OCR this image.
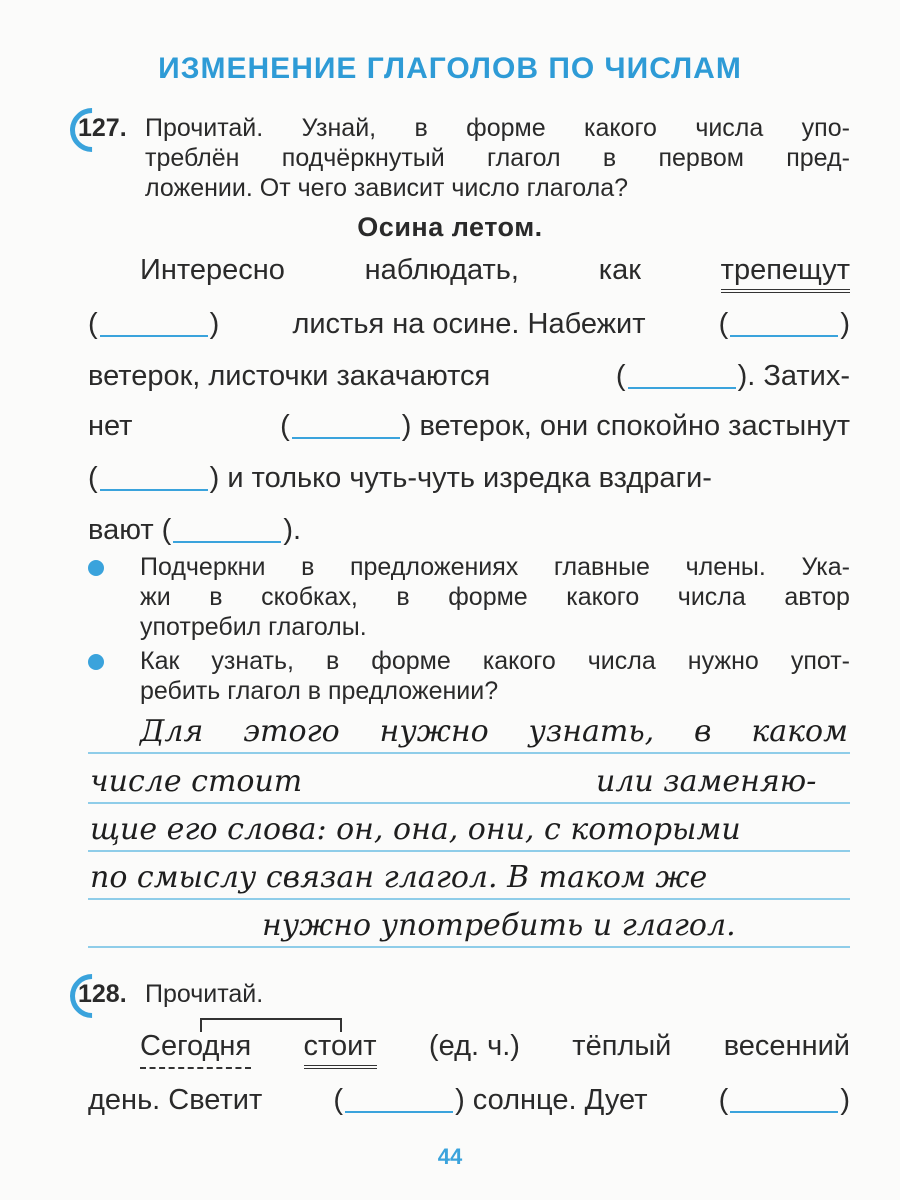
ИЗМЕНЕНИЕ ГЛАГОЛОВ ПО ЧИСЛАМ
127. Прочитай. Узнай, в форме какого числа упо-
треблён подчёркнутый глагол в первом пред-
ложении. От чего зависит число глагола?
Осина летом.
Интересно	наблюдать,	как	трепещут
(	)	листья на осине. Набежит	(	)
ветерок, листочки закачаются	(	). Затих-
нет	(	) ветерок, они спокойно застынут
(	) и только чуть-чуть изредка вздраги-
вают (	).
Подчеркни в предложениях главные члены. Ука-
жи в скобках, в форме какого числа автор
употребил глаголы.
Как узнать, в форме какого числа нужно упот-
ребить глагол в предложении?
Для этого нужно узнать, в каком
числе стоит	или заменяю-
щие его слова: он, она, они, с которыми
по смыслу связан глагол. В таком же
нужно употребить и глагол.
128. Прочитай.
Сегодня стоит (ед. ч.) тёплый весенний
день. Светит (	) солнце. Дует (	)
44
